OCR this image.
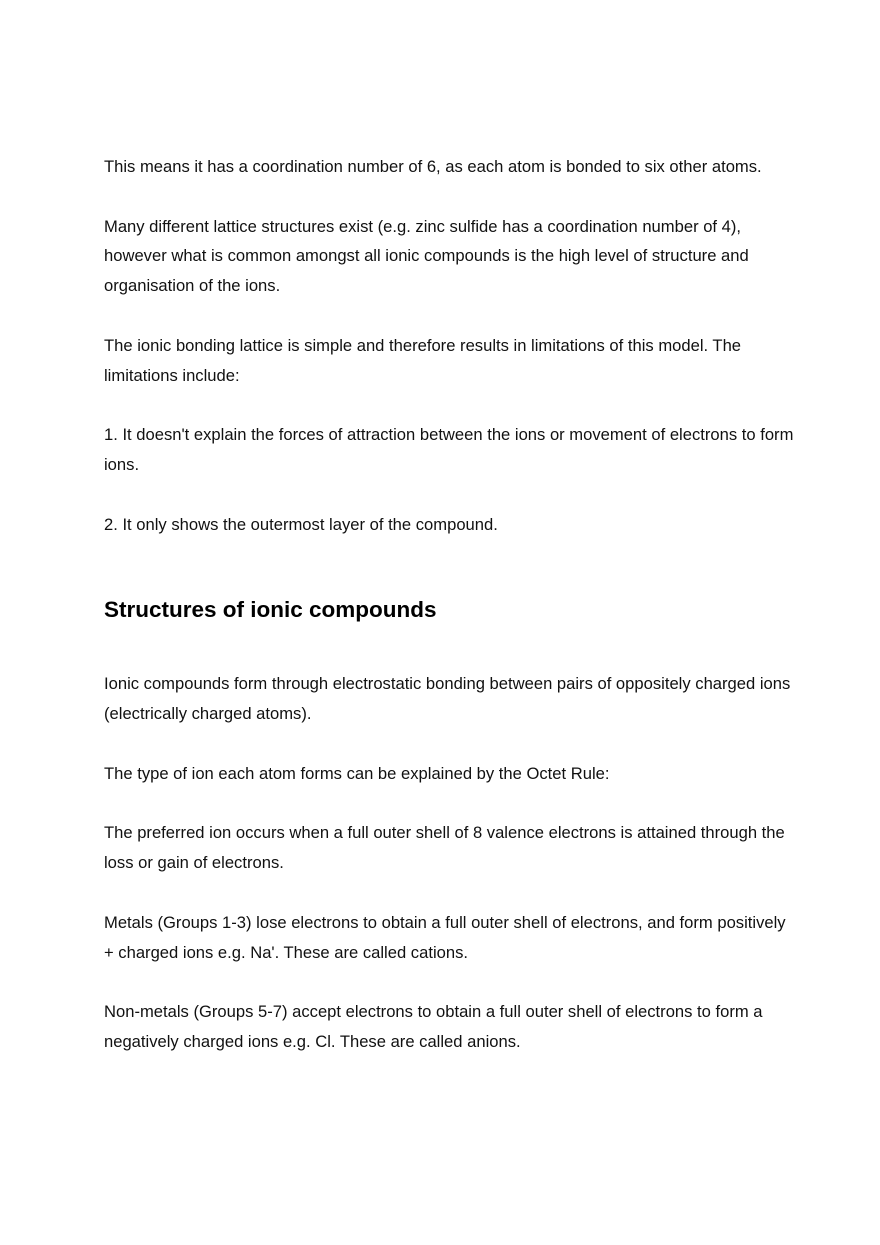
This means it has a coordination number of 6, as each atom is bonded to six other atoms.

Many different lattice structures exist (e.g. zinc sulfide has a coordination number of 4), however what is common amongst all ionic compounds is the high level of structure and organisation of the ions.

The ionic bonding lattice is simple and therefore results in limitations of this model. The limitations include:

1. It doesn't explain the forces of attraction between the ions or movement of electrons to form ions.

2. It only shows the outermost layer of the compound.

Structures of ionic compounds

Ionic compounds form through electrostatic bonding between pairs of oppositely charged ions (electrically charged atoms).

The type of ion each atom forms can be explained by the Octet Rule:

The preferred ion occurs when a full outer shell of 8 valence electrons is attained through the loss or gain of electrons.

Metals (Groups 1-3) lose electrons to obtain a full outer shell of electrons, and form positively + charged ions e.g. Na'. These are called cations.

Non-metals (Groups 5-7) accept electrons to obtain a full outer shell of electrons to form a negatively charged ions e.g. Cl. These are called anions.
